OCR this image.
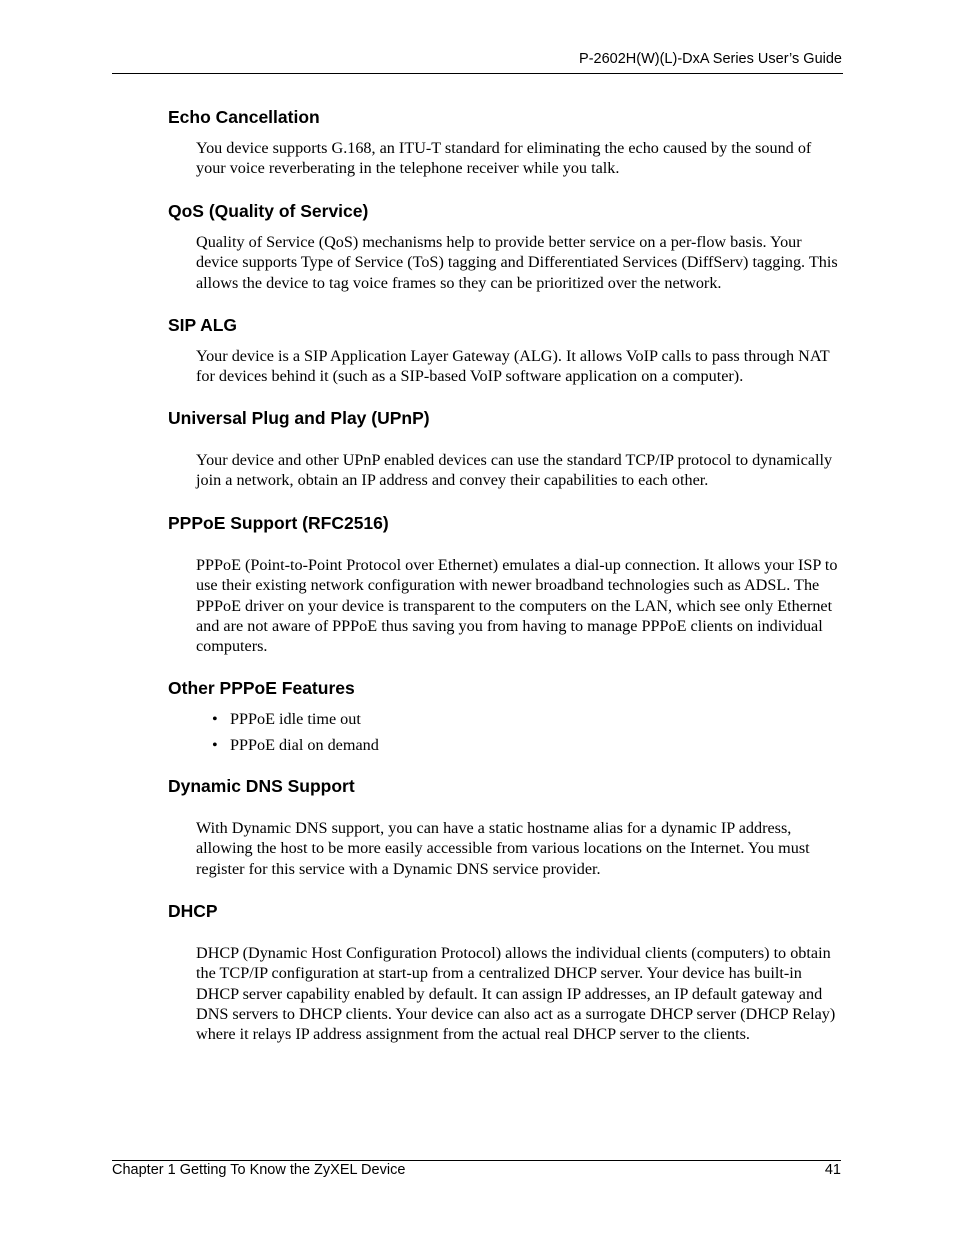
P-2602H(W)(L)-DxA Series User’s Guide
Echo Cancellation
You device supports G.168, an ITU-T standard for eliminating the echo caused by the sound of your voice reverberating in the telephone receiver while you talk.
QoS (Quality of Service)
Quality of Service (QoS) mechanisms help to provide better service on a per-flow basis. Your device supports Type of Service (ToS) tagging and Differentiated Services (DiffServ) tagging. This allows the device to tag voice frames so they can be prioritized over the network.
SIP ALG
Your device is a SIP Application Layer Gateway (ALG). It allows VoIP calls to pass through NAT for devices behind it (such as a SIP-based VoIP software application on a computer).
Universal Plug and Play (UPnP)
Your device and other UPnP enabled devices can use the standard TCP/IP protocol to dynamically join a network, obtain an IP address and convey their capabilities to each other.
PPPoE Support (RFC2516)
PPPoE (Point-to-Point Protocol over Ethernet) emulates a dial-up connection. It allows your ISP to use their existing network configuration with newer broadband technologies such as ADSL. The PPPoE driver on your device is transparent to the computers on the LAN, which see only Ethernet and are not aware of PPPoE thus saving you from having to manage PPPoE clients on individual computers.
Other PPPoE Features
• PPPoE idle time out
• PPPoE dial on demand
Dynamic DNS Support
With Dynamic DNS support, you can have a static hostname alias for a dynamic IP address, allowing the host to be more easily accessible from various locations on the Internet. You must register for this service with a Dynamic DNS service provider.
DHCP
DHCP (Dynamic Host Configuration Protocol) allows the individual clients (computers) to obtain the TCP/IP configuration at start-up from a centralized DHCP server. Your device has built-in DHCP server capability enabled by default. It can assign IP addresses, an IP default gateway and DNS servers to DHCP clients. Your device can also act as a surrogate DHCP server (DHCP Relay) where it relays IP address assignment from the actual real DHCP server to the clients.
Chapter 1 Getting To Know the ZyXEL Device	41
